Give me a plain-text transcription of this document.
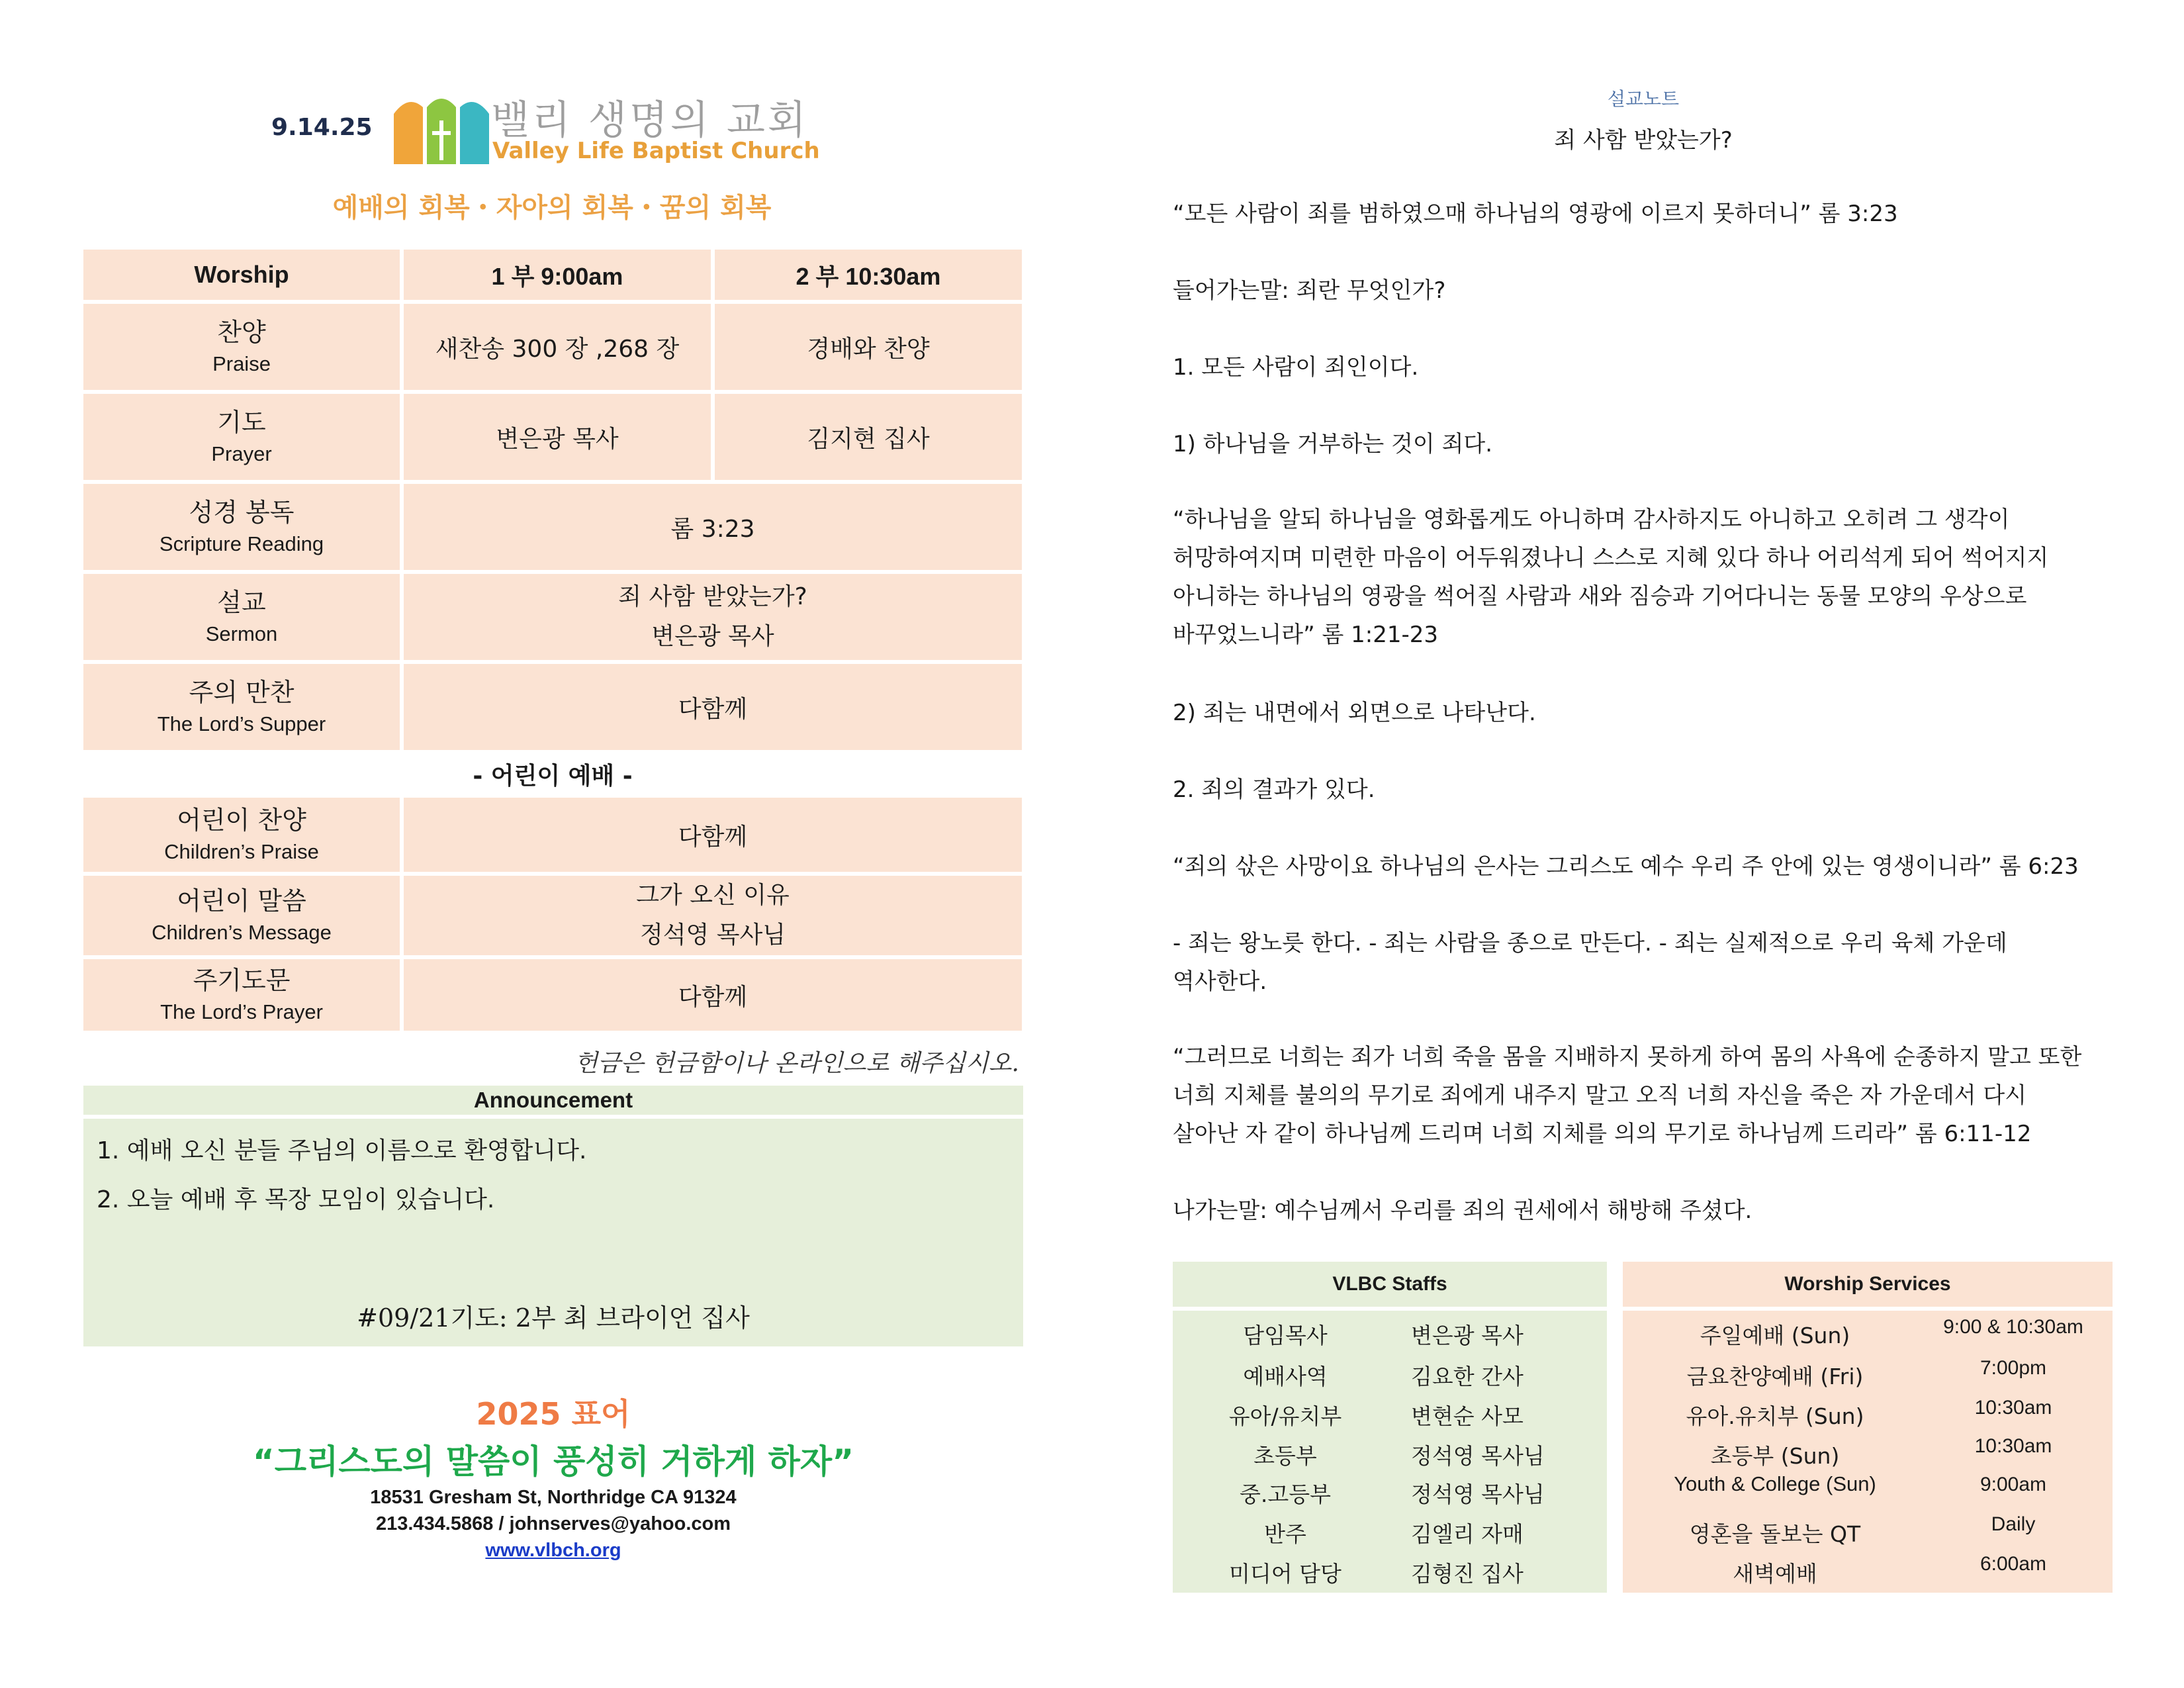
9.14.25	밸리 생명의 교회
Valley Life Baptist Church
예배의 회복・자아의 회복・꿈의 회복
Worship	1 부 9:00am	2 부 10:30am

찬양
Praise	새찬송 300 장 ,268 장	경배와 찬양

기도
Prayer	변은광 목사	김지현 집사

성경 봉독
Scripture Reading	롬 3:23	

설교
Sermon	죄 사함 받았는가?
변은광 목사	

주의 만찬
The Lord’s Supper	다함께	
- 어린이 예배 -		

어린이 찬양
Children’s Praise	다함께	

어린이 말씀
Children’s Message	그가 오신 이유
정석영 목사님	

주기도문
The Lord’s Prayer	다함께	
헌금은 헌금함이나 온라인으로 해주십시오.
Announcement
1. 예배 오신 분들 주님의 이름으로 환영합니다.
2. 오늘 예배 후 목장 모임이 있습니다.
#09/21기도: 2부 최 브라이언 집사
2025 표어
“그리스도의 말씀이 풍성히 거하게 하자”
18531 Gresham St, Northridge CA 91324
213.434.5868 / johnserves@yahoo.com
www.vlbch.org
설교노트
죄 사함 받았는가?
“모든 사람이 죄를 범하였으매 하나님의 영광에 이르지 못하더니” 롬 3:23
들어가는말: 죄란 무엇인가?
1. 모든 사람이 죄인이다.
1) 하나님을 거부하는 것이 죄다.
“하나님을 알되 하나님을 영화롭게도 아니하며 감사하지도 아니하고 오히려 그 생각이
허망하여지며 미련한 마음이 어두워졌나니 스스로 지혜 있다 하나 어리석게 되어 썩어지지
아니하는 하나님의 영광을 썩어질 사람과 새와 짐승과 기어다니는 동물 모양의 우상으로
바꾸었느니라” 롬 1:21-23
2) 죄는 내면에서 외면으로 나타난다.
2. 죄의 결과가 있다.
“죄의 삯은 사망이요 하나님의 은사는 그리스도 예수 우리 주 안에 있는 영생이니라” 롬 6:23
- 죄는 왕노릇 한다. - 죄는 사람을 종으로 만든다. - 죄는 실제적으로 우리 육체 가운데
역사한다.
“그러므로 너희는 죄가 너희 죽을 몸을 지배하지 못하게 하여 몸의 사욕에 순종하지 말고 또한
너희 지체를 불의의 무기로 죄에게 내주지 말고 오직 너희 자신을 죽은 자 가운데서 다시
살아난 자 같이 하나님께 드리며 너희 지체를 의의 무기로 하나님께 드리라” 롬 6:11-12
나가는말: 예수님께서 우리를 죄의 권세에서 해방해 주셨다.
VLBC Staffs
담임목사	변은광 목사
예배사역	김요한 간사
유아/유치부	변현순 사모
초등부	정석영 목사님
중.고등부	정석영 목사님
반주	김엘리 자매
미디어 담당	김형진 집사
Worship Services
주일예배 (Sun)	9:00 & 10:30am
금요찬양예배 (Fri)	7:00pm
유아.유치부 (Sun)	10:30am
초등부 (Sun)	10:30am
Youth & College (Sun)	9:00am
영혼을 돌보는 QT	Daily
새벽예배	6:00am
